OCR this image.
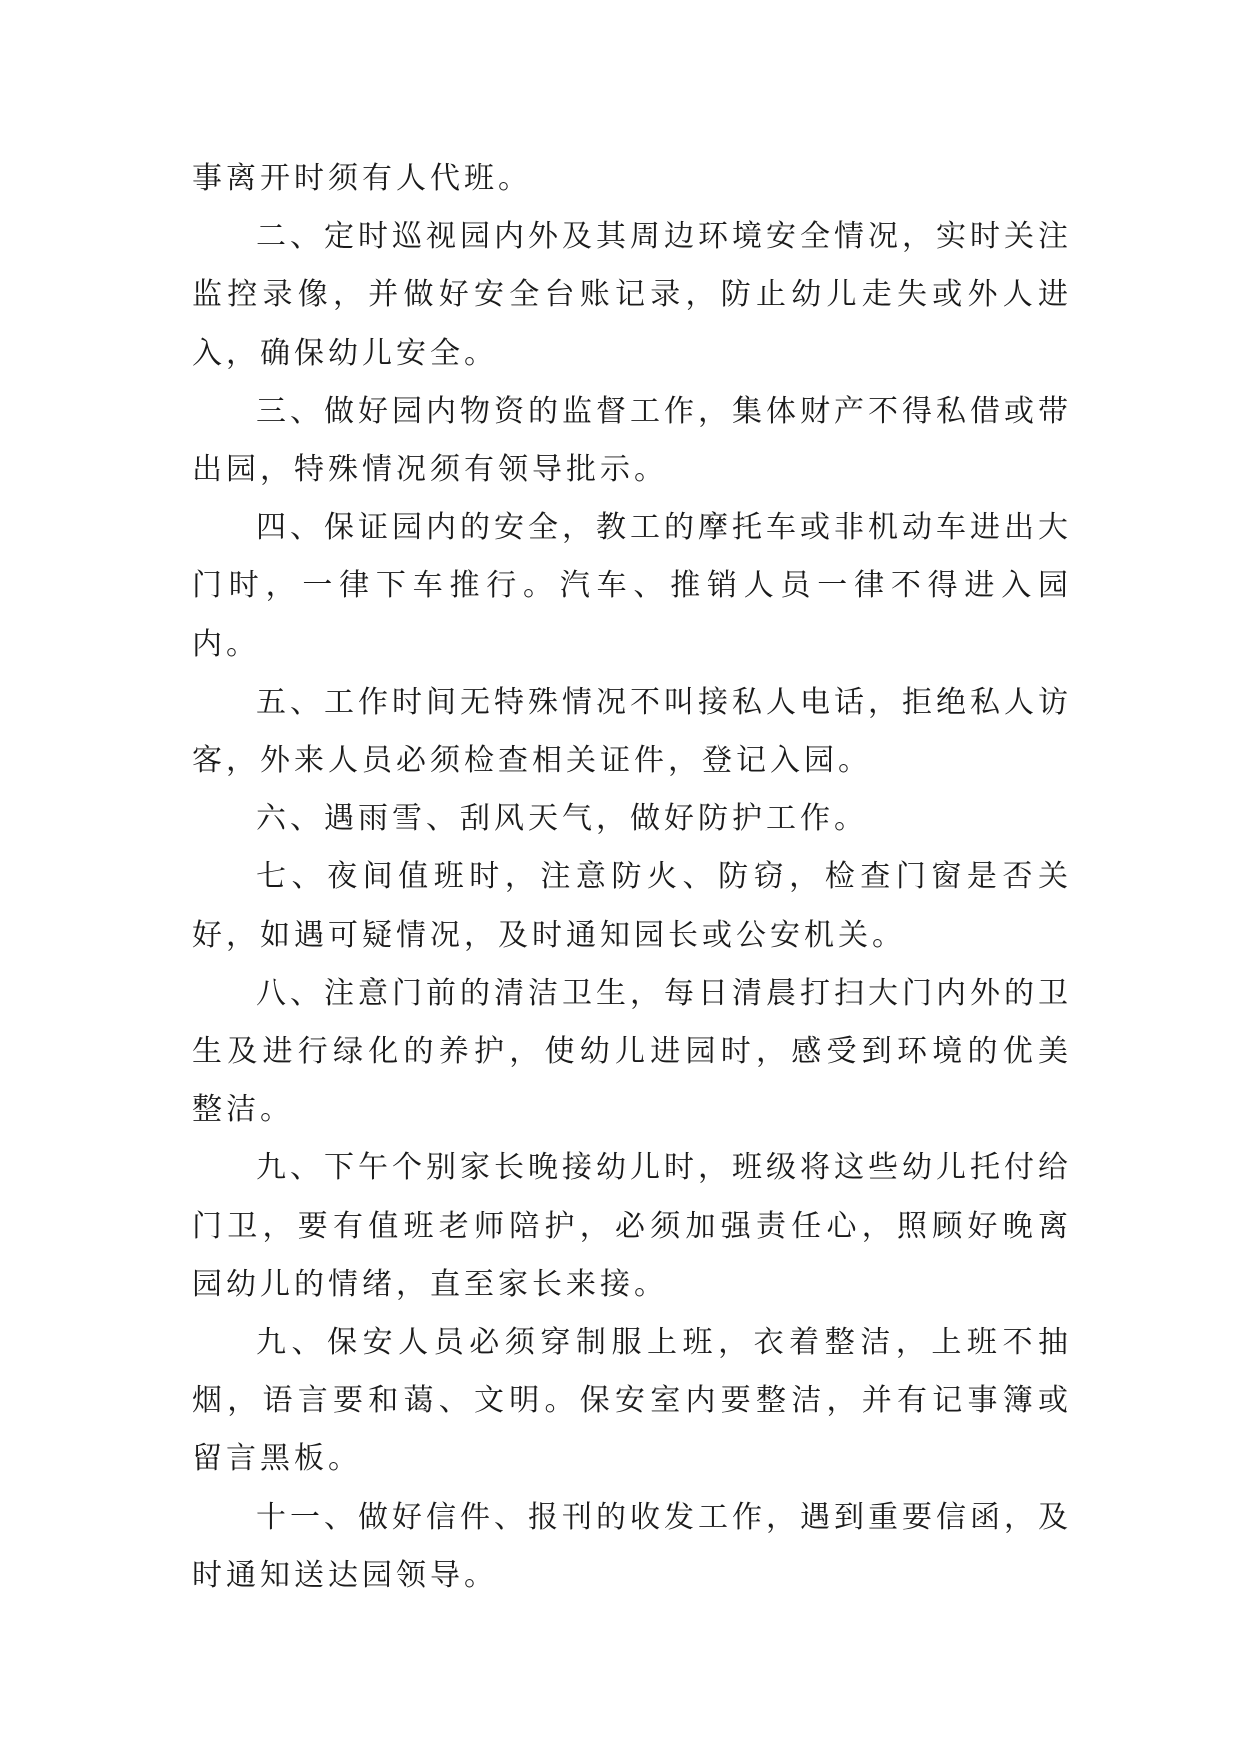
事离开时须有人代班。

二、定时巡视园内外及其周边环境安全情况，实时关注监控录像，并做好安全台账记录，防止幼儿走失或外人进入，确保幼儿安全。

三、做好园内物资的监督工作，集体财产不得私借或带出园，特殊情况须有领导批示。

四、保证园内的安全，教工的摩托车或非机动车进出大门时，一律下车推行。汽车、推销人员一律不得进入园内。

五、工作时间无特殊情况不叫接私人电话，拒绝私人访客，外来人员必须检查相关证件，登记入园。

六、遇雨雪、刮风天气，做好防护工作。

七、夜间值班时，注意防火、防窃，检查门窗是否关好，如遇可疑情况，及时通知园长或公安机关。

八、注意门前的清洁卫生，每日清晨打扫大门内外的卫生及进行绿化的养护，使幼儿进园时，感受到环境的优美整洁。

九、下午个别家长晚接幼儿时，班级将这些幼儿托付给门卫，要有值班老师陪护，必须加强责任心，照顾好晚离园幼儿的情绪，直至家长来接。

九、保安人员必须穿制服上班，衣着整洁，上班不抽烟，语言要和蔼、文明。保安室内要整洁，并有记事簿或留言黑板。

十一、做好信件、报刊的收发工作，遇到重要信函，及时通知送达园领导。
